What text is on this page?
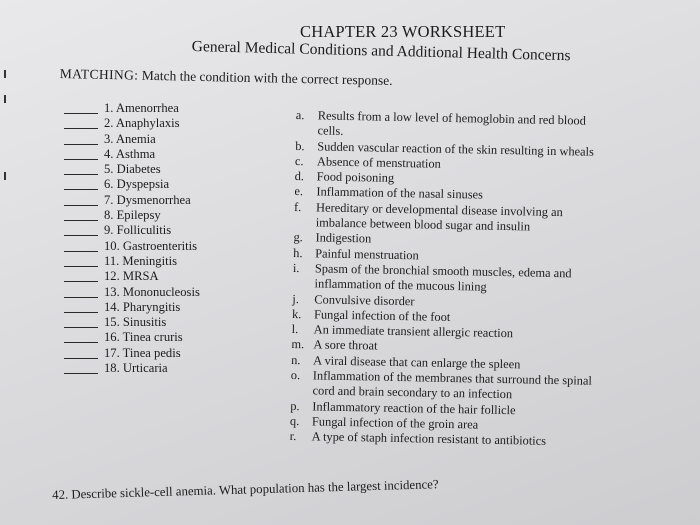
CHAPTER 23 WORKSHEET
General Medical Conditions and Additional Health Concerns
MATCHING: Match the condition with the correct response.
1. Amenorrhea
2. Anaphylaxis
3. Anemia
4. Asthma
5. Diabetes
6. Dyspepsia
7. Dysmenorrhea
8. Epilepsy
9. Folliculitis
10. Gastroenteritis
11. Meningitis
12. MRSA
13. Mononucleosis
14. Pharyngitis
15. Sinusitis
16. Tinea cruris
17. Tinea pedis
18. Urticaria
a.	Results from a low level of hemoglobin and red blood cells.
b.	Sudden vascular reaction of the skin resulting in wheals
c.	Absence of menstruation
d.	Food poisoning
e.	Inflammation of the nasal sinuses
f.	Hereditary or developmental disease involving an imbalance between blood sugar and insulin
g.	Indigestion
h.	Painful menstruation
i.	Spasm of the bronchial smooth muscles, edema and inflammation of the mucous lining
j.	Convulsive disorder
k.	Fungal infection of the foot
l.	An immediate transient allergic reaction
m. A sore throat
n.	A viral disease that can enlarge the spleen
o.	Inflammation of the membranes that surround the spinal cord and brain secondary to an infection
p.	Inflammatory reaction of the hair follicle
q.	Fungal infection of the groin area
r.	A type of staph infection resistant to antibiotics
42. Describe sickle-cell anemia. What population has the largest incidence?
